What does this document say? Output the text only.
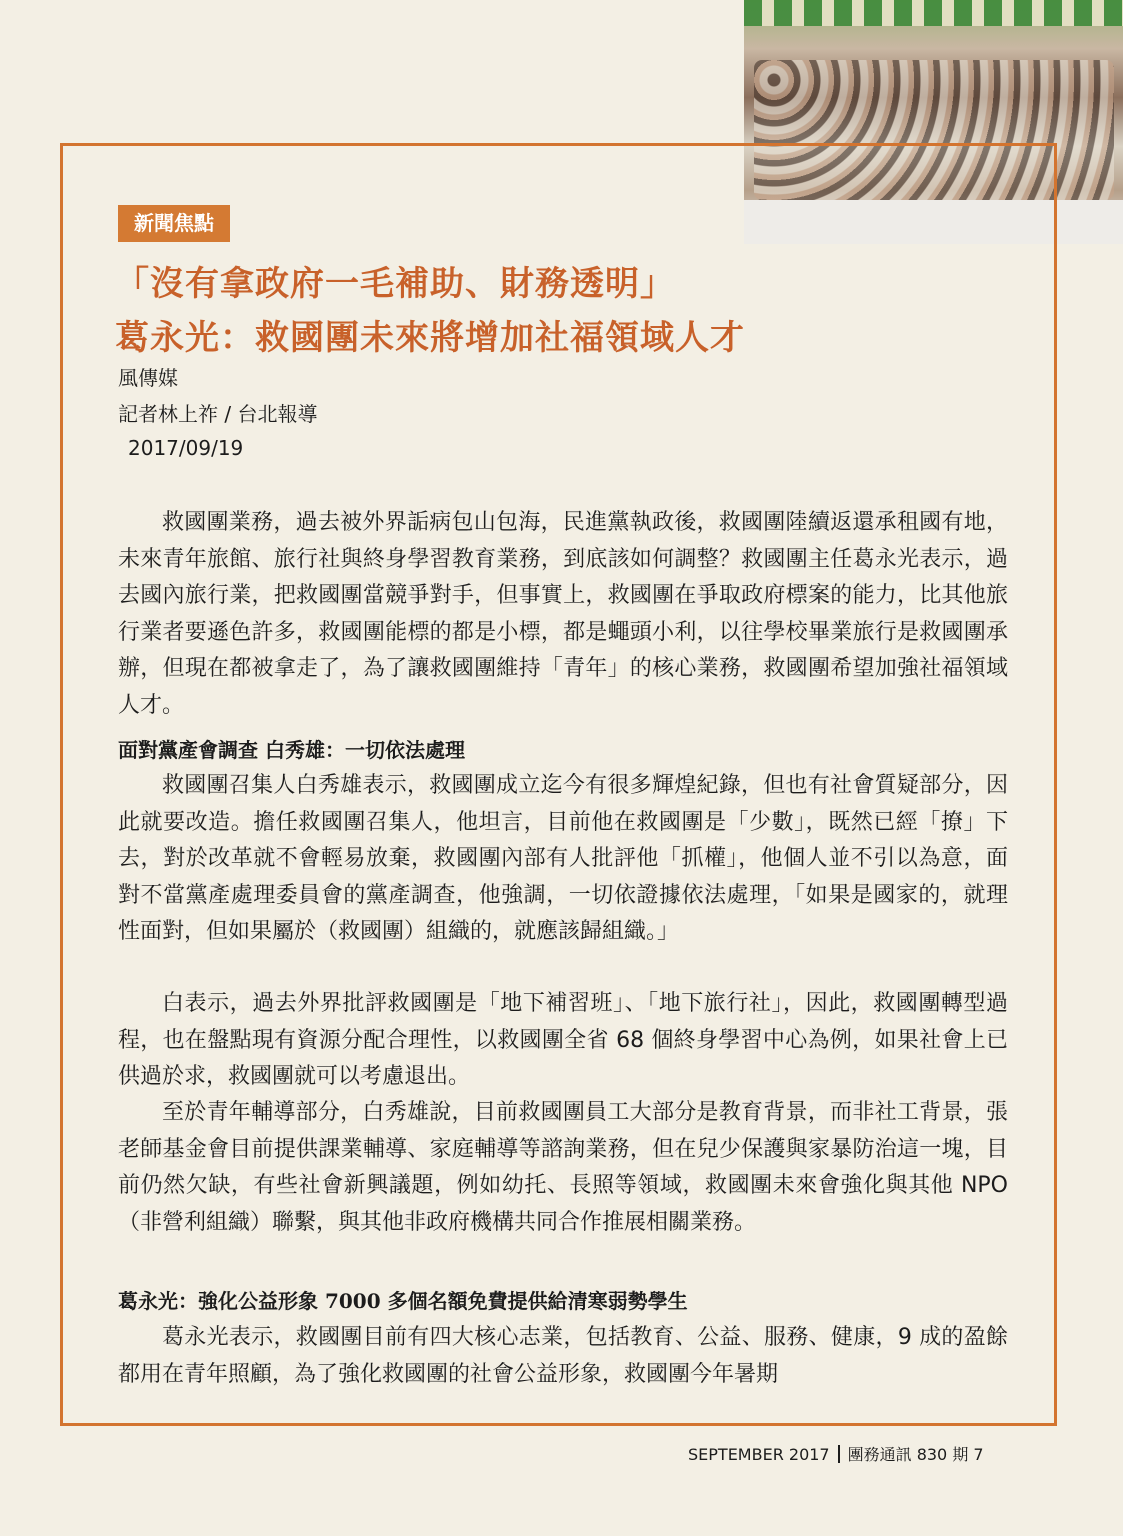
新聞焦點
「沒有拿政府一毛補助、財務透明」
葛永光：救國團未來將增加社福領域人才
風傳媒
記者林上祚 / 台北報導
2017/09/19

救國團業務，過去被外界詬病包山包海，民進黨執政後，救國團陸續返還承租國有地，未來青年旅館、旅行社與終身學習教育業務，到底該如何調整？救國團主任葛永光表示，過去國內旅行業，把救國團當競爭對手，但事實上，救國團在爭取政府標案的能力，比其他旅行業者要遜色許多，救國團能標的都是小標，都是蠅頭小利，以往學校畢業旅行是救國團承辦，但現在都被拿走了，為了讓救國團維持「青年」的核心業務，救國團希望加強社福領域人才。

面對黨產會調查 白秀雄：一切依法處理

救國團召集人白秀雄表示，救國團成立迄今有很多輝煌紀錄，但也有社會質疑部分，因此就要改造。擔任救國團召集人，他坦言，目前他在救國團是「少數」，既然已經「撩」下去，對於改革就不會輕易放棄，救國團內部有人批評他「抓權」，他個人並不引以為意，面對不當黨產處理委員會的黨產調查，他強調，一切依證據依法處理，「如果是國家的，就理性面對，但如果屬於（救國團）組織的，就應該歸組織。」

白表示，過去外界批評救國團是「地下補習班」、「地下旅行社」，因此，救國團轉型過程，也在盤點現有資源分配合理性，以救國團全省 68 個終身學習中心為例，如果社會上已供過於求，救國團就可以考慮退出。

至於青年輔導部分，白秀雄說，目前救國團員工大部分是教育背景，而非社工背景，張老師基金會目前提供課業輔導、家庭輔導等諮詢業務，但在兒少保護與家暴防治這一塊，目前仍然欠缺，有些社會新興議題，例如幼托、長照等領域，救國團未來會強化與其他 NPO（非營利組織）聯繫，與其他非政府機構共同合作推展相關業務。

葛永光：強化公益形象 7000 多個名額免費提供給清寒弱勢學生

葛永光表示，救國團目前有四大核心志業，包括教育、公益、服務、健康，9 成的盈餘都用在青年照顧，為了強化救國團的社會公益形象，救國團今年暑期

SEPTEMBER 2017 團務通訊 830 期 7
